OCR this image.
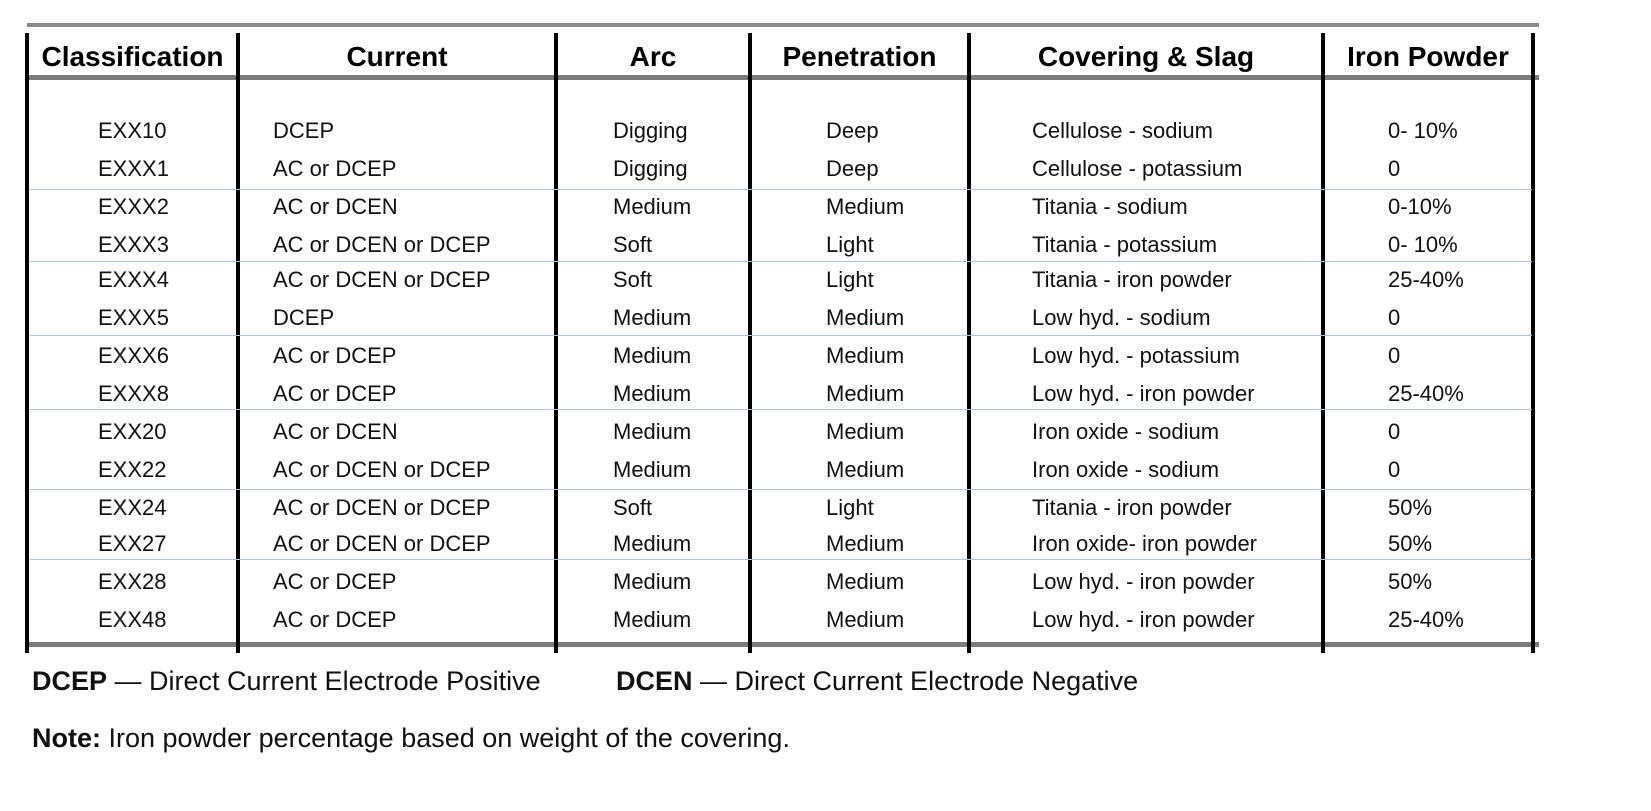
Classification	Current	Arc	Penetration	Covering & Slag	Iron Powder
EXX10	DCEP	Digging	Deep	Cellulose - sodium	0- 10%
EXXX1	AC or DCEP	Digging	Deep	Cellulose - potassium	0
EXXX2	AC or DCEN	Medium	Medium	Titania - sodium	0-10%
EXXX3	AC or DCEN or DCEP	Soft	Light	Titania - potassium	0- 10%
EXXX4	AC or DCEN or DCEP	Soft	Light	Titania - iron powder	25-40%
EXXX5	DCEP	Medium	Medium	Low hyd. - sodium	0
EXXX6	AC or DCEP	Medium	Medium	Low hyd. - potassium	0
EXXX8	AC or DCEP	Medium	Medium	Low hyd. - iron powder	25-40%
EXX20	AC or DCEN	Medium	Medium	Iron oxide - sodium	0
EXX22	AC or DCEN or DCEP	Medium	Medium	Iron oxide - sodium	0
EXX24	AC or DCEN or DCEP	Soft	Light	Titania - iron powder	50%
EXX27	AC or DCEN or DCEP	Medium	Medium	Iron oxide- iron powder	50%
EXX28	AC or DCEP	Medium	Medium	Low hyd. - iron powder	50%
EXX48	AC or DCEP	Medium	Medium	Low hyd. - iron powder	25-40%
DCEP — Direct Current Electrode Positive	DCEN — Direct Current Electrode Negative
Note: Iron powder percentage based on weight of the covering.
